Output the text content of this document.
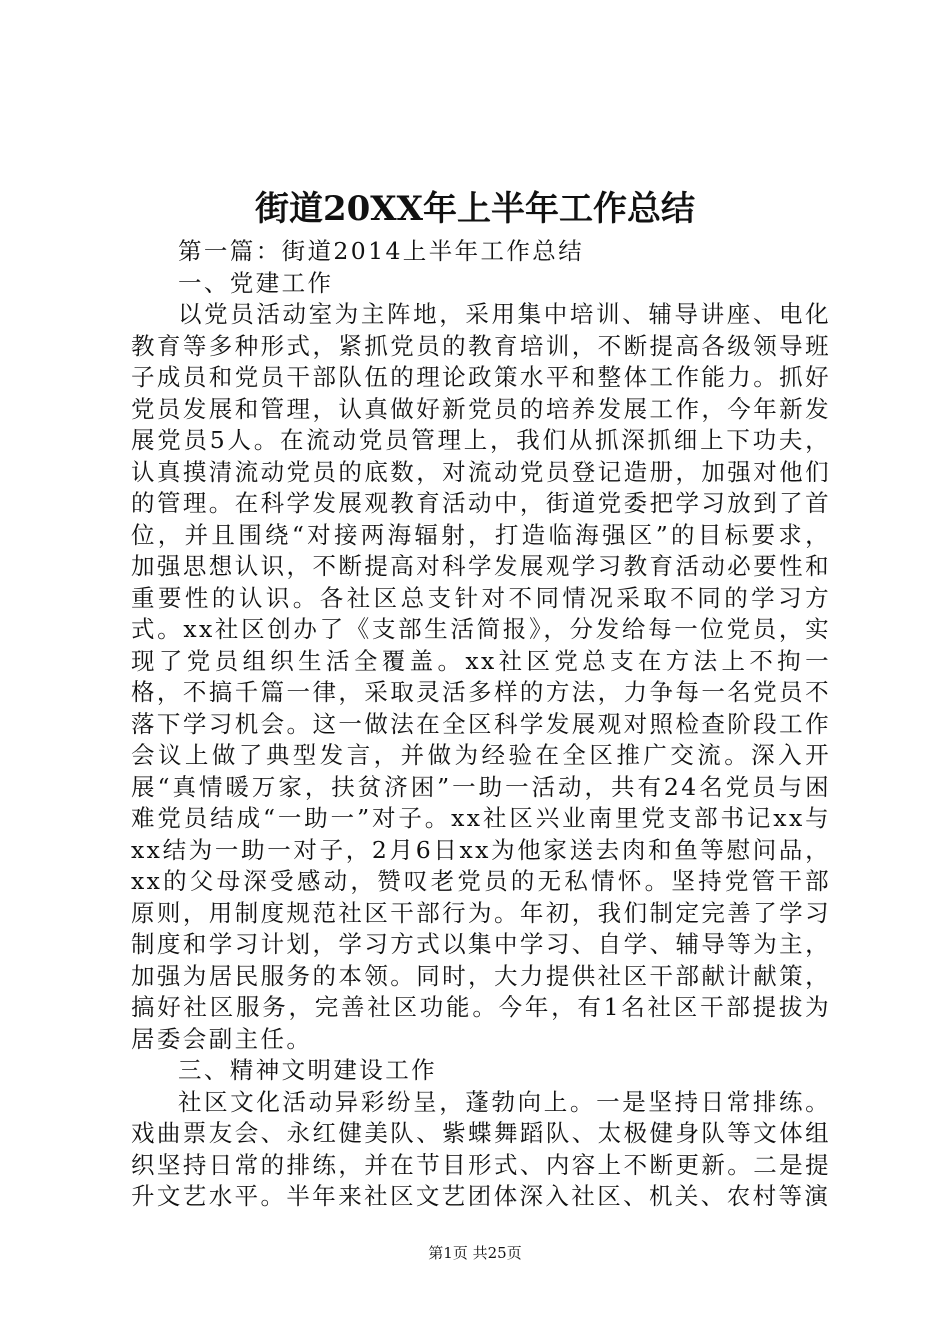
街道20XX年上半年工作总结

第一篇：街道2014上半年工作总结

一、党建工作

以党员活动室为主阵地，采用集中培训、辅导讲座、电化教育等多种形式，紧抓党员的教育培训，不断提高各级领导班子成员和党员干部队伍的理论政策水平和整体工作能力。抓好党员发展和管理，认真做好新党员的培养发展工作，今年新发展党员5人。在流动党员管理上，我们从抓深抓细上下功夫，认真摸清流动党员的底数，对流动党员登记造册，加强对他们的管理。在科学发展观教育活动中，街道党委把学习放到了首位，并且围绕“对接两海辐射，打造临海强区”的目标要求，加强思想认识，不断提高对科学发展观学习教育活动必要性和重要性的认识。各社区总支针对不同情况采取不同的学习方式。xx社区创办了《支部生活简报》，分发给每一位党员，实现了党员组织生活全覆盖。xx社区党总支在方法上不拘一格，不搞千篇一律，采取灵活多样的方法，力争每一名党员不落下学习机会。这一做法在全区科学发展观对照检查阶段工作会议上做了典型发言，并做为经验在全区推广交流。深入开展“真情暖万家，扶贫济困”一助一活动，共有24名党员与困难党员结成“一助一”对子。xx社区兴业南里党支部书记xx与xx结为一助一对子，2月6日xx为他家送去肉和鱼等慰问品，xx的父母深受感动，赞叹老党员的无私情怀。坚持党管干部原则，用制度规范社区干部行为。年初，我们制定完善了学习制度和学习计划，学习方式以集中学习、自学、辅导等为主，加强为居民服务的本领。同时，大力提供社区干部献计献策，搞好社区服务，完善社区功能。今年，有1名社区干部提拔为居委会副主任。

三、精神文明建设工作

社区文化活动异彩纷呈，蓬勃向上。一是坚持日常排练。戏曲票友会、永红健美队、紫蝶舞蹈队、太极健身队等文体组织坚持日常的排练，并在节目形式、内容上不断更新。二是提升文艺水平。半年来社区文艺团体深入社区、机关、农村等演

第1页 共25页
